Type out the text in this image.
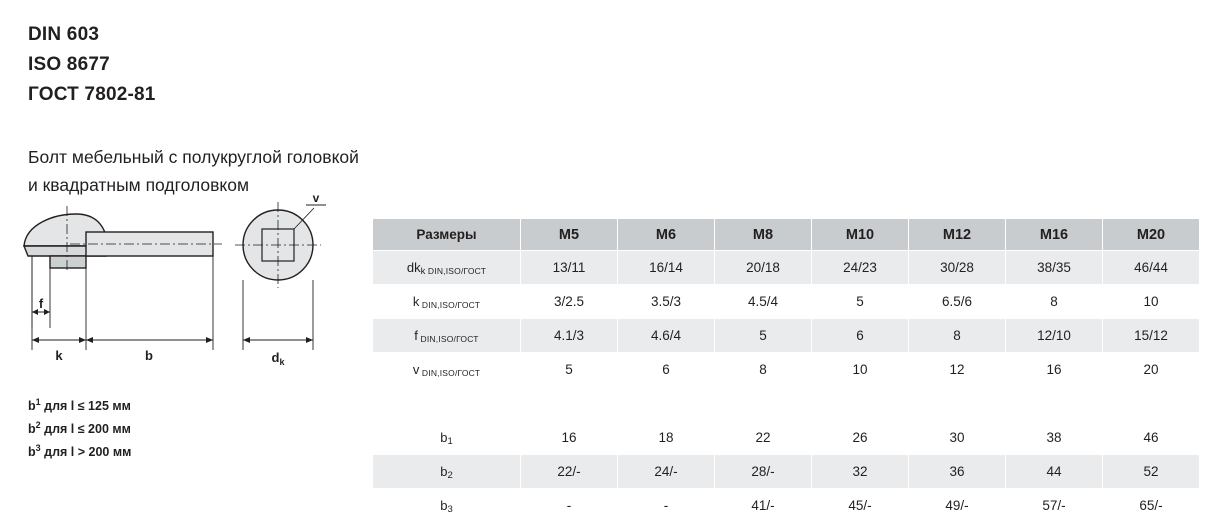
DIN 603
ISO 8677
ГОСТ 7802-81
Болт мебельный с полукруглой головкой
и квадратным подголовком
f
k	b
v
$d_k$
$b^1$ для l ≤ 125 мм
$b^2$ для l ≤ 200 мм
$b^3$ для l > 200 мм
Размеры	M5	M6	M8	M10	M12	M16	M20
dkk DIN,ISO/ГОСТ	13/11	16/14	20/18	24/23	30/28	38/35	46/44
k DIN,ISO/ГОСТ	3/2.5	3.5/3	4.5/4	5	6.5/6	8	10
f DIN,ISO/ГОСТ	4.1/3	4.6/4	5	6	8	12/10	15/12
v DIN,ISO/ГОСТ	5	6	8	10	12	16	20

b1	16	18	22	26	30	38	46
b2	22/-	24/-	28/-	32	36	44	52
b3	-	-	41/-	45/-	49/-	57/-	65/-
